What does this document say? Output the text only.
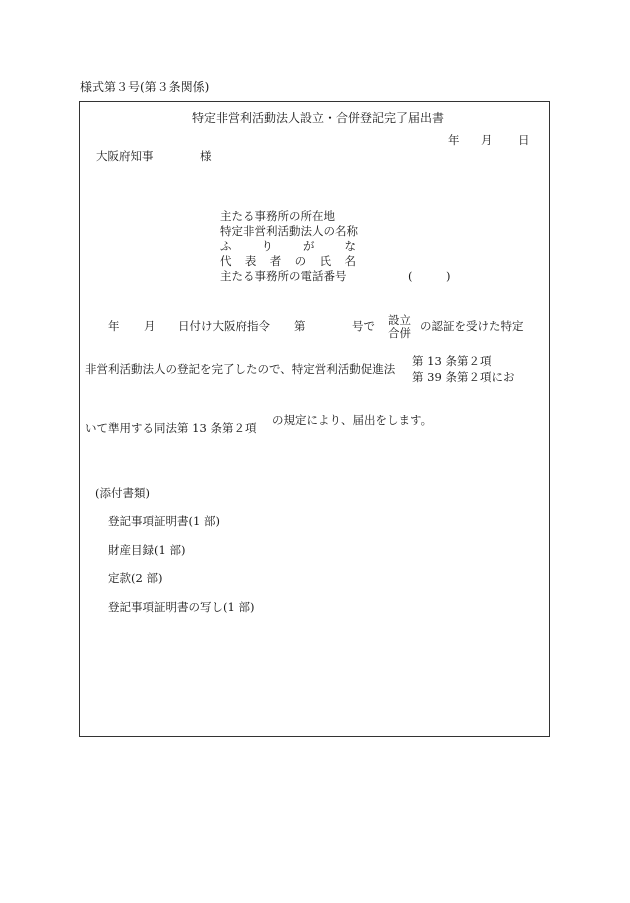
様式第３号(第３条関係)
特定非営利活動法人設立・合併登記完了届出書
年 月 日
大阪府知事	様
主たる事務所の所在地
特定非営利活動法人の名称
ふ	り	が	な
代 表 者 の 氏 名
主たる事務所の電話番号	(	)
年 月 日付け大阪府指令 第	号で 設立
合併 の認証を受けた特定
非営利活動法人の登記を完了したので、特定営利活動促進法
第 13 条第２項
第 39 条第２項にお
いて準用する同法第 13 条第２項
の規定により、届出をします。
(添付書類)
登記事項証明書(1 部)
財産目録(1 部)
定款(2 部)
登記事項証明書の写し(1 部)
